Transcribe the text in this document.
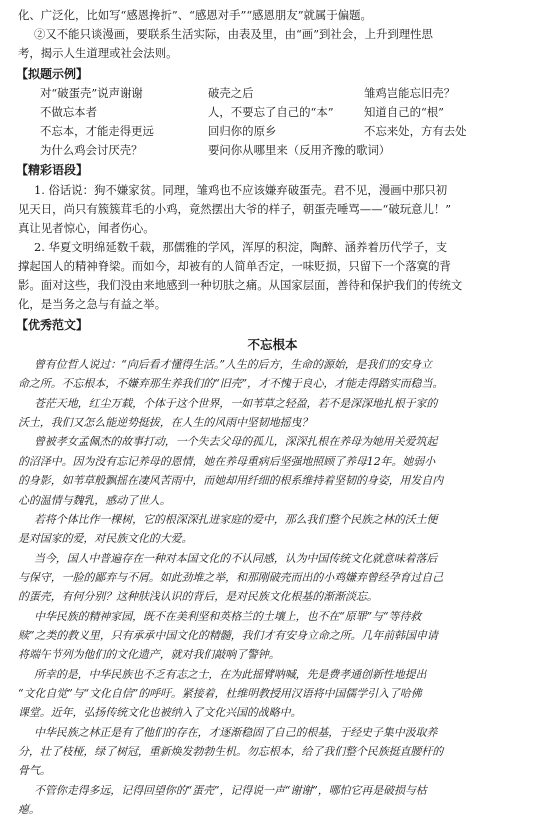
化、广泛化，比如写“感恩搀折”、“感恩对手”“感恩朋友”就属于偏题。
②又不能只谈漫画，要联系生活实际，由表及里，由“画”到社会，上升到理性思
考，揭示人生道理或社会法则。
【拟题示例】
对“破蛋壳”说声谢谢	破壳之后	雏鸡岂能忘旧壳？
不做忘本者	人，不要忘了自己的“本”	知道自己的“根”
不忘本，才能走得更远	回归你的原乡	不忘来处，方有去处
为什么鸡会讨厌壳？	要问你从哪里来（反用齐豫的歌词）
【精彩语段】
1. 俗话说：狗不嫌家贫。同理，雏鸡也不应该嫌弃破蛋壳。君不见，漫画中那只初
见天日，尚只有簇簇茸毛的小鸡，竟然摆出大爷的样子，朝蛋壳唾骂——“破玩意儿！”
真让见者惊心，闻者伤心。
2. 华夏文明绵延数千载，那儒雅的学风，浑厚的积淀，陶醉、涵养着历代学子，支
撑起国人的精神脊梁。而如今，却被有的人简单否定，一味贬损，只留下一个落寞的背
影。面对这些，我们没由来地感到一种切肤之痛。从国家层面，善待和保护我们的传统文
化，是当务之急与有益之举。
【优秀范文】
不忘根本
曾有位哲人说过：“向后看才懂得生活。”人生的后方，生命的源始，是我们的安身立
命之所。不忘根本，不嫌弃那生养我们的“旧壳”，才不愧于良心，才能走得踏实而稳当。
苍茫天地，红尘万载，个体于这个世界，一如苇草之轻盈，若不是深深地扎根于家的
沃土，我们又怎么能逆势挺拔，在人生的风雨中坚韧地摇曳？
曾被孝女孟佩杰的故事打动，一个失去父母的孤儿，深深扎根在养母为她用关爱筑起
的沼泽中。因为没有忘记养母的恩情，她在养母重病后坚强地照顾了养母12年。她弱小
的身影，如苇草般飘摇在凄风苦雨中，而她却用纤细的根系维持着坚韧的身姿，用发自内
心的温情与魏乳，感动了世人。
若将个体比作一棵树，它的根深深扎进家庭的爱中，那么我们整个民族之林的沃土便
是对国家的爱，对民族文化的大爱。
当今，国人中普遍存在一种对本国文化的不认同感，认为中国传统文化就意味着落后
与保守，一脸的鄙弃与不屑。如此劲堆之举，和那刚破壳而出的小鸡嫌弃曾经孕育过自己
的蛋壳，有何分别？这种肤浅认识的背后，是对民族文化根基的渐渐淡忘。
中华民族的精神家园，既不在美利坚和英格兰的土壤上，也不在“原罪”与“等待救
赎”之类的教义里，只有承承中国文化的精髓，我们才有安身立命之所。几年前韩国申请
将端午节列为他们的文化遗产，就对我们敲响了警钟。
所幸的是，中华民族也不乏有志之士，在为此摇臂呐喊，先是费孝通创新性地提出
“文化自觉”与“文化自信”的呼吁。紧接着，杜维明教授用汉语将中国儒学引入了哈佛
课堂。近年，弘扬传统文化也被纳入了文化兴国的战略中。
中华民族之林正是有了他们的存在，才逐渐稳固了自己的根基，于经史子集中汲取养
分，壮了枝桠，绿了树冠，重新焕发勃勃生机。勿忘根本，给了我们整个民族挺直腰杆的
骨气。
不管你走得多远，记得回望你的“蛋壳”，记得说一声“谢谢”，哪怕它再是破损与枯
瘪。
